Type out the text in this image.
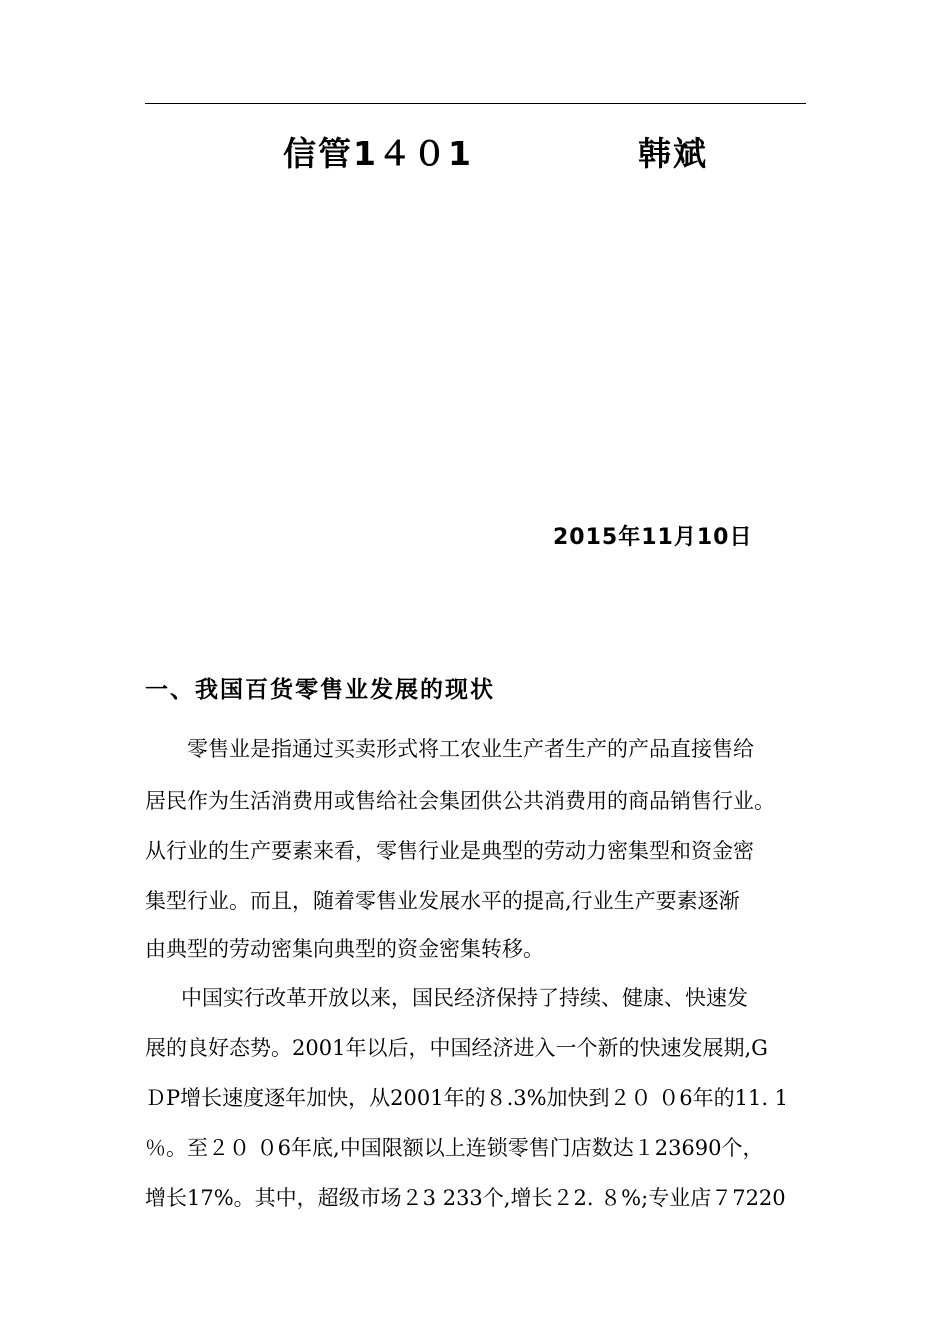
信管1４０1	韩斌
2015年11月10日
一、我国百货零售业发展的现状
零售业是指通过买卖形式将工农业生产者生产的产品直接售给
居民作为生活消费用或售给社会集团供公共消费用的商品销售行业。
从行业的生产要素来看，零售行业是典型的劳动力密集型和资金密
集型行业。而且，随着零售业发展水平的提高,行业生产要素逐渐
由典型的劳动密集向典型的资金密集转移。
中国实行改革开放以来，国民经济保持了持续、健康、快速发
展的良好态势。2001年以后，中国经济进入一个新的快速发展期,G
ＤP增长速度逐年加快，从2001年的８.3%加快到２０ ０6年的11. 1
％。至２０ ０6年底,中国限额以上连锁零售门店数达１23690个，
增长17%。其中，超级市场２3 233个,增长２2. ８%;专业店７7220
